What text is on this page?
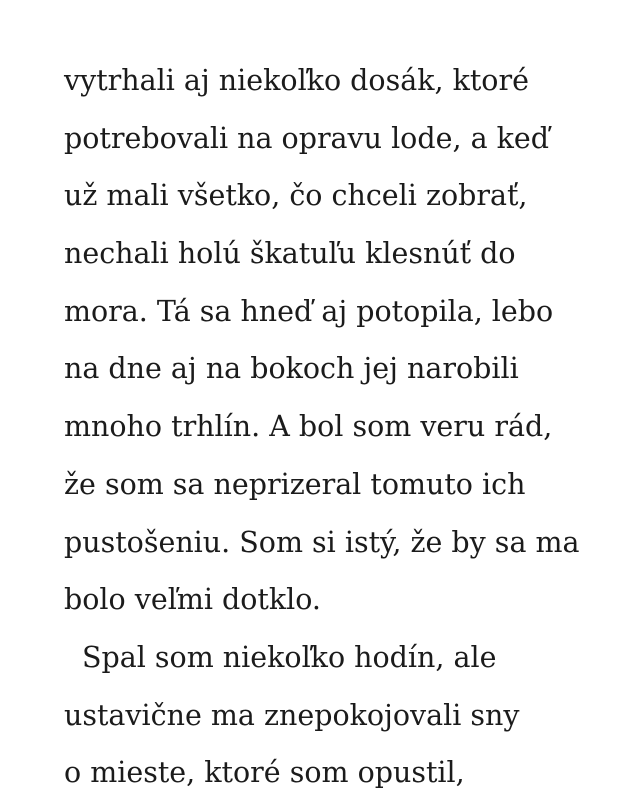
vytrhali aj niekoľko dosák, ktoré
potrebovali na opravu lode, a keď
už mali všetko, čo chceli zobrať,
nechali holú škatuľu klesnúť do
mora. Tá sa hneď aj potopila, lebo
na dne aj na bokoch jej narobili
mnoho trhlín. A bol som veru rád,
že som sa neprizeral tomuto ich
pustošeniu. Som si istý, že by sa ma
bolo veľmi dotklo.
Spal som niekoľko hodín, ale
ustavične ma znepokojovali sny
o mieste, ktoré som opustil,
